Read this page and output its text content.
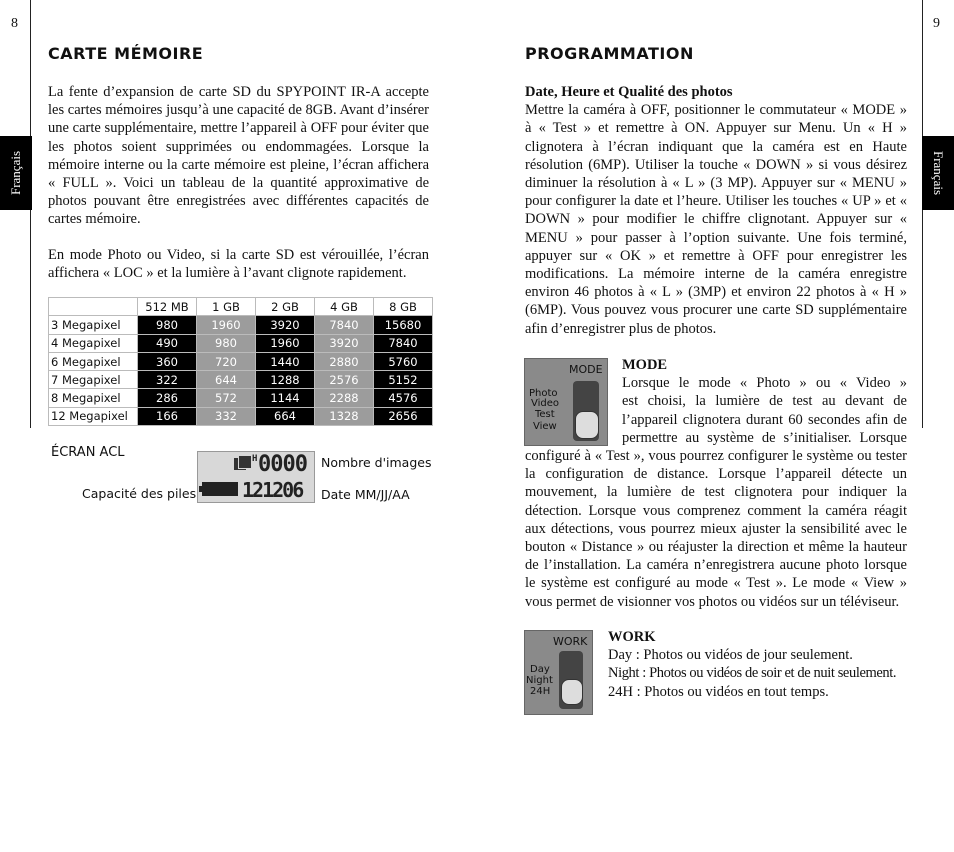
8	9
Français	Français
CARTE MÉMOIRE

La fente d’expansion de carte SD du SPYPOINT IR-A accepte les cartes mémoires jusqu’à une capacité de 8GB. Avant d’insérer une carte supplémentaire, mettre l’appareil à OFF pour éviter que les photos soient supprimées ou endommagées. Lorsque la mémoire interne ou la carte mémoire est pleine, l’écran affichera « FULL ». Voici un tableau de la quantité approximative de photos pouvant être enregistrées avec différentes capacités de cartes mémoire.

En mode Photo ou Video, si la carte SD est vérouillée, l’écran affichera « LOC » et la lumière à l’avant clignote rapidement.

	512 MB	1 GB	2 GB	4 GB	8 GB
3 Megapixel	980	1960	3920	7840	15680
4 Megapixel	490	980	1960	3920	7840
6 Megapixel	360	720	1440	2880	5760
7 Megapixel	322	644	1288	2576	5152
8 Megapixel	286	572	1144	2288	4576
12 Megapixel	166	332	664	1328	2656
ÉCRAN ACL
Capacité des piles
Nombre d'images
Date MM/JJ/AA
H 0000
121206
PROGRAMMATION
Date, Heure et Qualité des photos

Mettre la caméra à OFF, positionner le commutateur « MODE » à « Test » et remettre à ON. Appuyer sur Menu. Un « H » clignotera à l’écran indiquant que la caméra est en Haute résolution (6MP). Utiliser la touche « DOWN » si vous désirez diminuer la résolution à « L » (3 MP). Appuyer sur « MENU » pour configurer la date et l’heure. Utiliser les touches « UP » et « DOWN » pour modifier le chiffre clignotant. Appuyer sur « MENU » pour passer à l’option suivante. Une fois terminé, appuyer sur « OK » et remettre à OFF pour enregistrer les modifications. La mémoire interne de la caméra enregistre environ 46 photos à « L » (3MP) et environ 22 photos à « H » (6MP). Vous pouvez vous procurer une carte SD supplémentaire afin d’enregistrer plus de photos.

MODE
Photo
Video
Test
View
MODE
Lorsque le mode « Photo » ou « Video »
est choisi, la lumière de test au devant de
l’appareil clignotera durant 60 secondes afin de
permettre au système de s’initialiser. Lorsque

configuré à « Test », vous pourrez configurer le système ou tester la configuration de distance. Lorsque l’appareil détecte un mouvement, la lumière de test clignotera pour indiquer la détection. Lorsque vous comprenez comment la caméra réagit aux détections, vous pourrez mieux ajuster la sensibilité avec le bouton « Distance » ou réajuster la direction et même la hauteur de l’installation. La caméra n’enregistrera aucune photo lorsque le système est configuré au mode « Test ». Le mode « View » vous permet de visionner vos photos ou vidéos sur un téléviseur.

WORK
Day
Night
24H
WORK
Day : Photos ou vidéos de jour seulement.
Night : Photos ou vidéos de soir et de nuit seulement.
24H : Photos ou vidéos en tout temps.
